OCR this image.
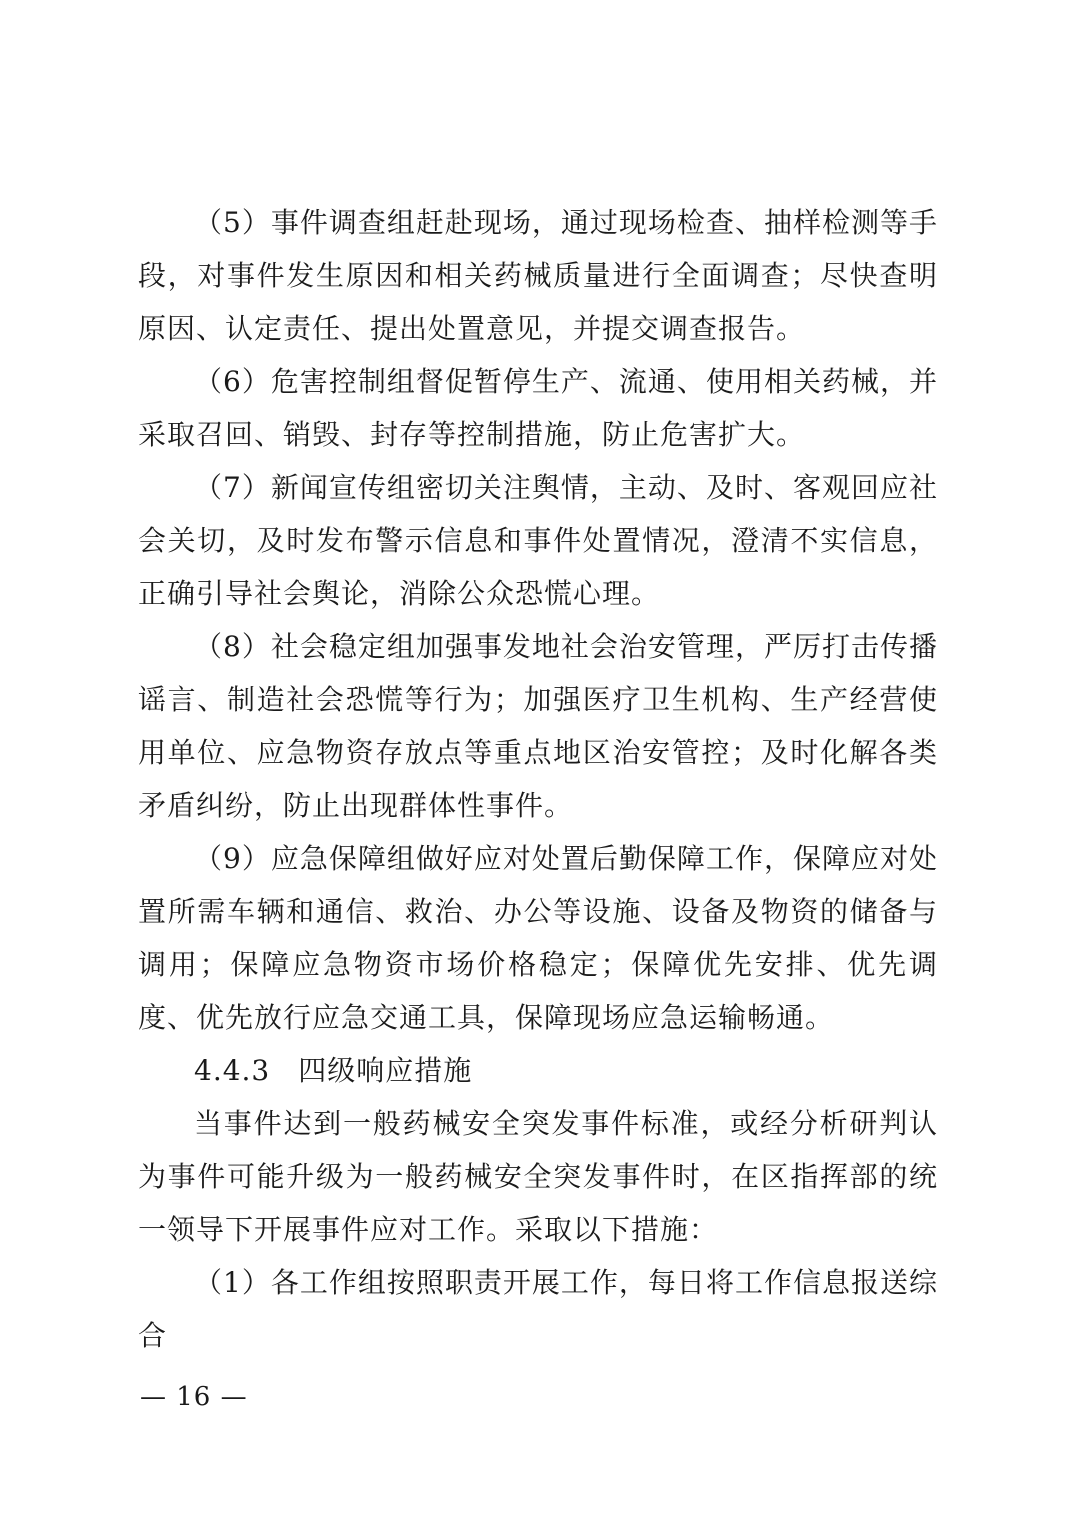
（5）事件调查组赶赴现场，通过现场检查、抽样检测等手段，对事件发生原因和相关药械质量进行全面调查；尽快查明原因、认定责任、提出处置意见，并提交调查报告。

（6）危害控制组督促暂停生产、流通、使用相关药械，并采取召回、销毁、封存等控制措施，防止危害扩大。

（7）新闻宣传组密切关注舆情，主动、及时、客观回应社会关切，及时发布警示信息和事件处置情况，澄清不实信息，正确引导社会舆论，消除公众恐慌心理。

（8）社会稳定组加强事发地社会治安管理，严厉打击传播谣言、制造社会恐慌等行为；加强医疗卫生机构、生产经营使用单位、应急物资存放点等重点地区治安管控；及时化解各类矛盾纠纷，防止出现群体性事件。

（9）应急保障组做好应对处置后勤保障工作，保障应对处置所需车辆和通信、救治、办公等设施、设备及物资的储备与调用；保障应急物资市场价格稳定；保障优先安排、优先调度、优先放行应急交通工具，保障现场应急运输畅通。

4.4.3 四级响应措施

当事件达到一般药械安全突发事件标准，或经分析研判认为事件可能升级为一般药械安全突发事件时，在区指挥部的统一领导下开展事件应对工作。采取以下措施：

（1）各工作组按照职责开展工作，每日将工作信息报送综合

— 16 —
